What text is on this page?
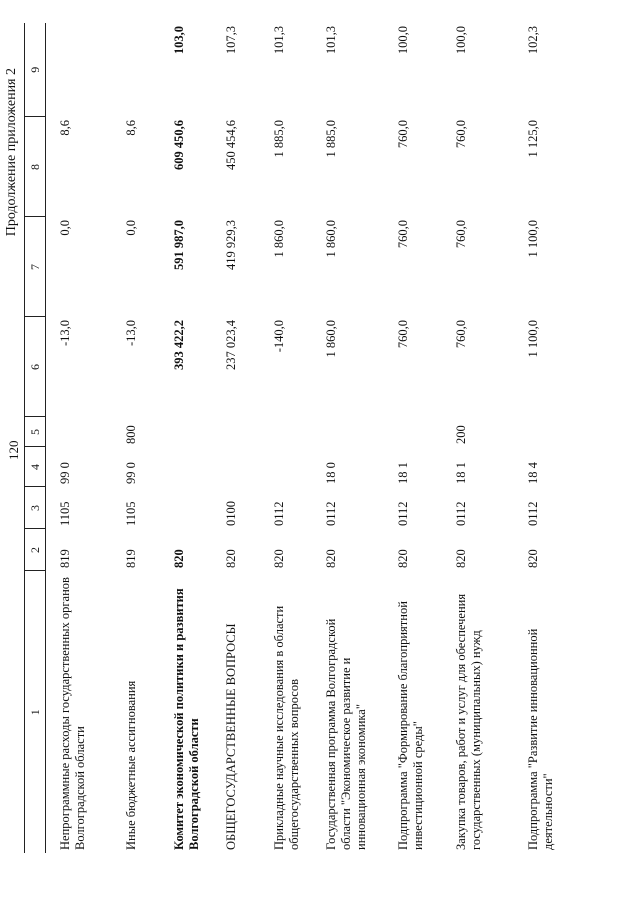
120
Продолжение приложения 2
1	2	3	4	5	6	7	8	9
Непрограммные расходы государственных органов Волгоградской области	819	1105	99 0		-13,0	0,0	8,6	
Иные бюджетные ассигнования	819	1105	99 0	800	-13,0	0,0	8,6	
Комитет экономической политики и развития Волгоградской области	820				393 422,2	591 987,0	609 450,6	103,0
ОБЩЕГОСУДАРСТВЕННЫЕ ВОПРОСЫ	820	0100			237 023,4	419 929,3	450 454,6	107,3
Прикладные научные исследования в области общегосударственных вопросов	820	0112			-140,0	1 860,0	1 885,0	101,3
Государственная программа Волгоградской области "Экономическое развитие и инновационная экономика"	820	0112	18 0		1 860,0	1 860,0	1 885,0	101,3
Подпрограмма "Формирование благоприятной инвестиционной среды"	820	0112	18 1		760,0	760,0	760,0	100,0
Закупка товаров, работ и услуг для обеспечения государственных (муниципальных) нужд	820	0112	18 1	200	760,0	760,0	760,0	100,0
Подпрограмма "Развитие инновационной деятельности"	820	0112	18 4		1 100,0	1 100,0	1 125,0	102,3
